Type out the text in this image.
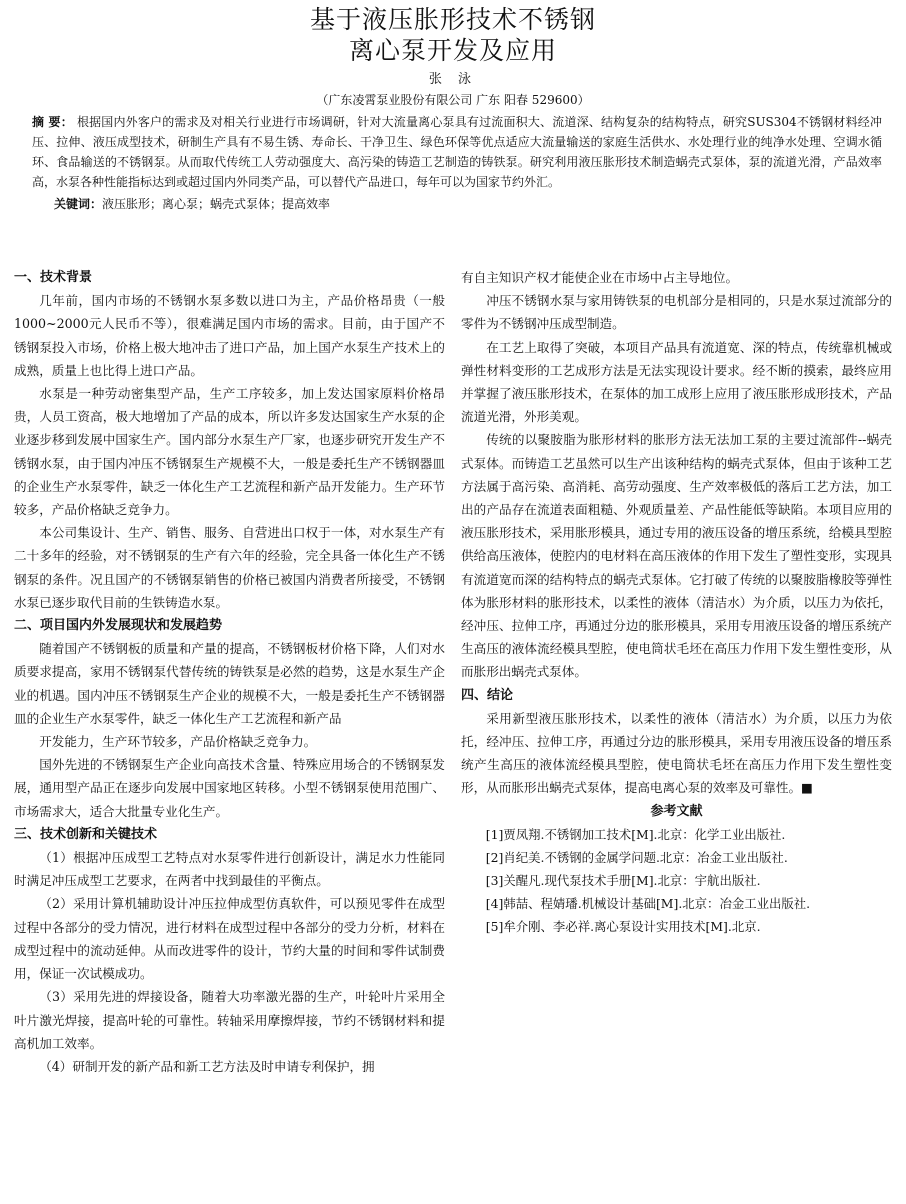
基于液压胀形技术不锈钢
离心泵开发及应用
张 泳
（广东凌霄泵业股份有限公司 广东 阳春 529600）
摘 要： 根据国内外客户的需求及对相关行业进行市场调研，针对大流量离心泵具有过流面积大、流道深、结构复杂的结构特点，研究SUS304不锈钢材料经冲压、拉伸、液压成型技术，研制生产具有不易生锈、寿命长、干净卫生、绿色环保等优点适应大流量输送的家庭生活供水、水处理行业的纯净水处理、空调水循环、食品输送的不锈钢泵。从而取代传统工人劳动强度大、高污染的铸造工艺制造的铸铁泵。研究利用液压胀形技术制造蜗壳式泵体，泵的流道光滑，产品效率高，水泵各种性能指标达到或超过国内外同类产品，可以替代产品进口，每年可以为国家节约外汇。
关键词：液压胀形；离心泵；蜗壳式泵体；提高效率
一、技术背景

几年前，国内市场的不锈钢水泵多数以进口为主，产品价格昂贵（一般1000~2000元人民币不等），很难满足国内市场的需求。目前，由于国产不锈钢泵投入市场，价格上极大地冲击了进口产品，加上国产水泵生产技术上的成熟，质量上也比得上进口产品。

水泵是一种劳动密集型产品，生产工序较多，加上发达国家原料价格昂贵，人员工资高，极大地增加了产品的成本，所以许多发达国家生产水泵的企业逐步移到发展中国家生产。国内部分水泵生产厂家，也逐步研究开发生产不锈钢水泵，由于国内冲压不锈钢泵生产规模不大，一般是委托生产不锈钢器皿的企业生产水泵零件，缺乏一体化生产工艺流程和新产品开发能力。生产环节较多，产品价格缺乏竞争力。

本公司集设计、生产、销售、服务、自营进出口权于一体，对水泵生产有二十多年的经验，对不锈钢泵的生产有六年的经验，完全具备一体化生产不锈钢泵的条件。况且国产的不锈钢泵销售的价格已被国内消费者所接受，不锈钢水泵已逐步取代目前的生铁铸造水泵。

二、项目国内外发展现状和发展趋势

随着国产不锈钢板的质量和产量的提高，不锈钢板材价格下降，人们对水质要求提高，家用不锈钢泵代替传统的铸铁泵是必然的趋势，这是水泵生产企业的机遇。国内冲压不锈钢泵生产企业的规模不大，一般是委托生产不锈钢器皿的企业生产水泵零件，缺乏一体化生产工艺流程和新产品

开发能力，生产环节较多，产品价格缺乏竞争力。

国外先进的不锈钢泵生产企业向高技术含量、特殊应用场合的不锈钢泵发展，通用型产品正在逐步向发展中国家地区转移。小型不锈钢泵使用范围广、市场需求大，适合大批量专业化生产。

三、技术创新和关键技术

（1）根据冲压成型工艺特点对水泵零件进行创新设计，满足水力性能同时满足冲压成型工艺要求，在两者中找到最佳的平衡点。

（2）采用计算机辅助设计冲压拉伸成型仿真软件，可以预见零件在成型过程中各部分的受力情况，进行材料在成型过程中各部分的受力分析，材料在成型过程中的流动延伸。从而改进零件的设计，节约大量的时间和零件试制费用，保证一次试模成功。

（3）采用先进的焊接设备，随着大功率激光器的生产，叶轮叶片采用全叶片激光焊接，提高叶轮的可靠性。转轴采用摩擦焊接，节约不锈钢材料和提高机加工效率。

（4）研制开发的新产品和新工艺方法及时申请专利保护，拥

有自主知识产权才能使企业在市场中占主导地位。

冲压不锈钢水泵与家用铸铁泵的电机部分是相同的，只是水泵过流部分的零件为不锈钢冲压成型制造。

在工艺上取得了突破，本项目产品具有流道宽、深的特点，传统靠机械或弹性材料变形的工艺成形方法是无法实现设计要求。经不断的摸索，最终应用并掌握了液压胀形技术，在泵体的加工成形上应用了液压胀形成形技术，产品流道光滑，外形美观。

传统的以聚胺脂为胀形材料的胀形方法无法加工泵的主要过流部件--蜗壳式泵体。而铸造工艺虽然可以生产出该种结构的蜗壳式泵体，但由于该种工艺方法属于高污染、高消耗、高劳动强度、生产效率极低的落后工艺方法，加工出的产品存在流道表面粗糙、外观质量差、产品性能低等缺陷。本项目应用的液压胀形技术，采用胀形模具，通过专用的液压设备的增压系统，给模具型腔供给高压液体，使腔内的电材料在高压液体的作用下发生了塑性变形，实现具有流道宽而深的结构特点的蜗壳式泵体。它打破了传统的以聚胺脂橡胶等弹性体为胀形材料的胀形技术，以柔性的液体（清洁水）为介质，以压力为依托，经冲压、拉伸工序，再通过分边的胀形模具，采用专用液压设备的增压系统产生高压的液体流经模具型腔，使电筒状毛坯在高压力作用下发生塑性变形，从而胀形出蜗壳式泵体。

四、结论

采用新型液压胀形技术，以柔性的液体（清洁水）为介质，以压力为依托，经冲压、拉伸工序，再通过分边的胀形模具，采用专用液压设备的增压系统产生高压的液体流经模具型腔，使电筒状毛坯在高压力作用下发生塑性变形，从而胀形出蜗壳式泵体，提高电离心泵的效率及可靠性。■

参考文献

[1]贾凤翔.不锈钢加工技术[M].北京：化学工业出版社.

[2]肖纪美.不锈钢的金属学问题.北京：冶金工业出版社.

[3]关醒凡.现代泵技术手册[M].北京：宇航出版社.

[4]韩喆、程婧璠.机械设计基础[M].北京：冶金工业出版社.

[5]牟介刚、李必祥.离心泵设计实用技术[M].北京.
